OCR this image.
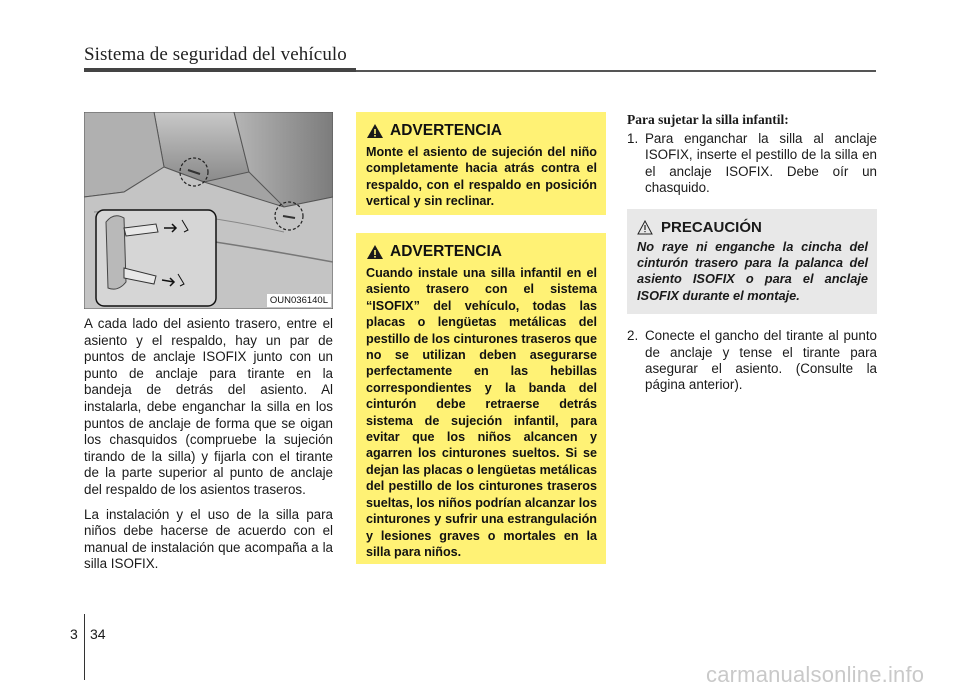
Sistema de seguridad del vehículo
OUN036140L

A cada lado del asiento trasero, entre el asiento y el respaldo, hay un par de puntos de anclaje ISOFIX junto con un punto de anclaje para tirante en la bandeja de detrás del asiento. Al instalarla, debe enganchar la silla en los puntos de anclaje de forma que se oigan los chasquidos (compruebe la sujeción tirando de la silla) y fijarla con el tirante de la parte superior al punto de anclaje del respaldo de los asientos traseros.

La instalación y el uso de la silla para niños debe hacerse de acuerdo con el manual de instalación que acompaña a la silla ISOFIX.

ADVERTENCIA
Monte el asiento de sujeción del niño completamente hacia atrás contra el respaldo, con el respaldo en posición vertical y sin reclinar.
ADVERTENCIA
Cuando instale una silla infantil en el asiento trasero con el sistema “ISOFIX” del vehículo, todas las placas o lengüetas metálicas del pestillo de los cinturones traseros que no se utilizan deben asegurarse perfectamente en las hebillas correspondientes y la banda del cinturón debe retraerse detrás sistema de sujeción infantil, para evitar que los niños alcancen y agarren los cinturones sueltos. Si se dejan las placas o lengüetas metálicas del pestillo de los cinturones traseros sueltas, los niños podrían alcanzar los cinturones y sufrir una estrangulación y lesiones graves o mortales en la silla para niños.
Para sujetar la silla infantil:
1. Para enganchar la silla al anclaje ISOFIX, inserte el pestillo de la silla en el anclaje ISOFIX. Debe oír un chasquido.
PRECAUCIÓN
No raye ni enganche la cincha del cinturón trasero para la palanca del asiento ISOFIX o para el anclaje ISOFIX durante el montaje.
2. Conecte el gancho del tirante al punto de anclaje y tense el tirante para asegurar el asiento. (Consulte la página anterior).
3 34
carmanualsonline.info
